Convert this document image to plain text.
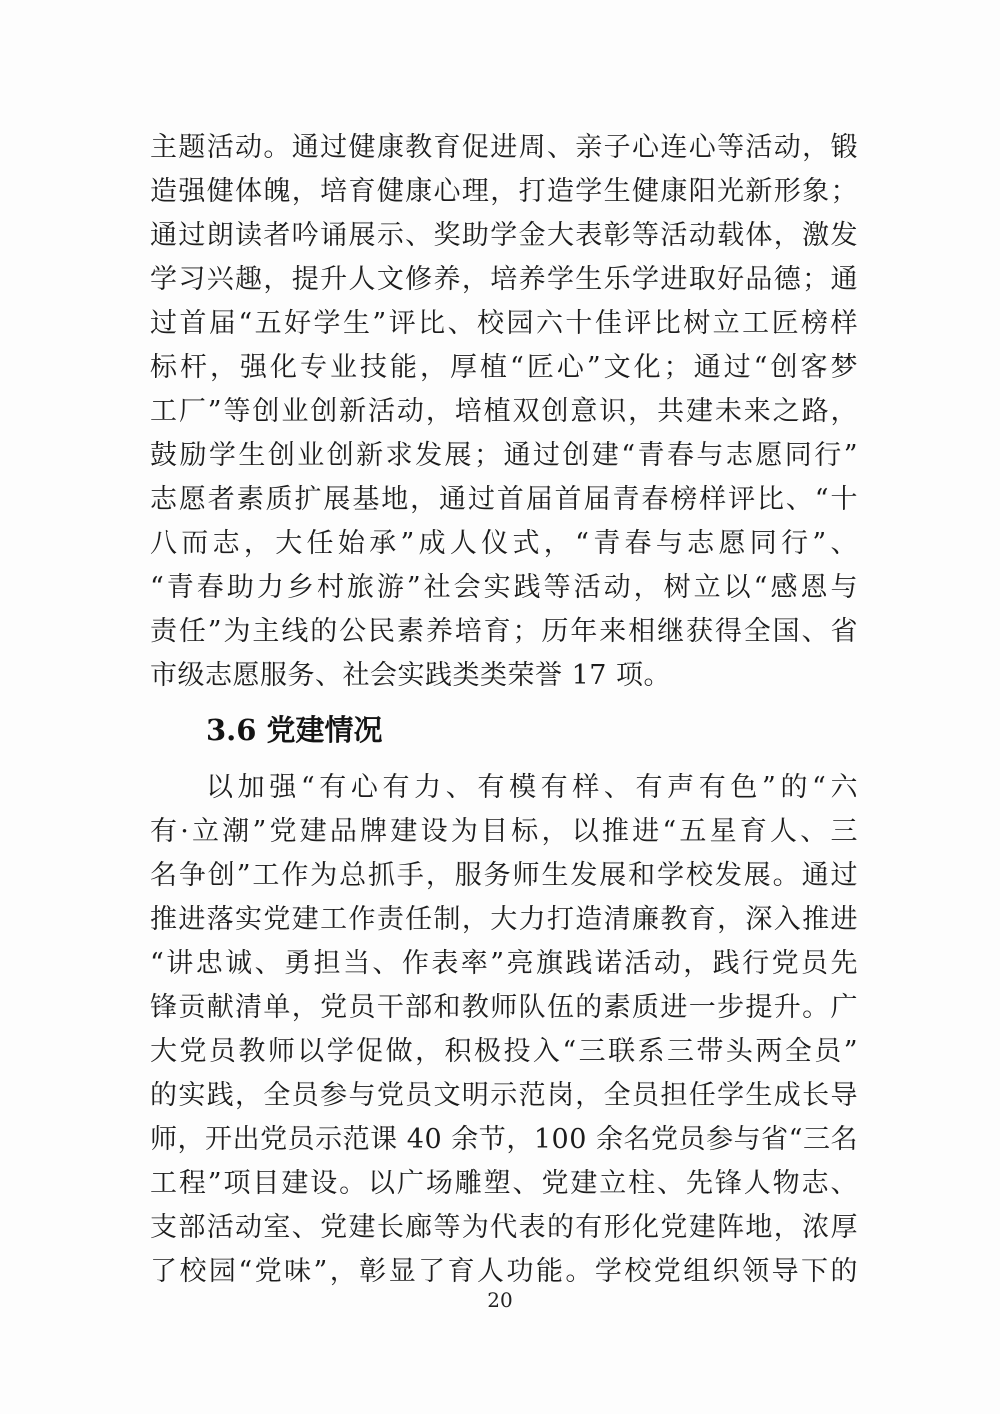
主题活动。通过健康教育促进周、亲子心连心等活动，锻
造强健体魄，培育健康心理，打造学生健康阳光新形象；
通过朗读者吟诵展示、奖助学金大表彰等活动载体，激发
学习兴趣，提升人文修养，培养学生乐学进取好品德；通
过首届“五好学生”评比、校园六十佳评比树立工匠榜样
标杆，强化专业技能，厚植“匠心”文化；通过“创客梦
工厂”等创业创新活动，培植双创意识，共建未来之路，
鼓励学生创业创新求发展；通过创建“青春与志愿同行”
志愿者素质扩展基地，通过首届首届青春榜样评比、“十
八而志，大任始承”成人仪式，“青春与志愿同行”、
“青春助力乡村旅游”社会实践等活动，树立以“感恩与
责任”为主线的公民素养培育；历年来相继获得全国、省
市级志愿服务、社会实践类类荣誉 17 项。
3.6 党建情况
以加强“有心有力、有模有样、有声有色”的“六
有·立潮”党建品牌建设为目标，以推进“五星育人、三
名争创”工作为总抓手，服务师生发展和学校发展。通过
推进落实党建工作责任制，大力打造清廉教育，深入推进
“讲忠诚、勇担当、作表率”亮旗践诺活动，践行党员先
锋贡献清单，党员干部和教师队伍的素质进一步提升。广
大党员教师以学促做，积极投入“三联系三带头两全员”
的实践，全员参与党员文明示范岗，全员担任学生成长导
师，开出党员示范课 40 余节，100 余名党员参与省“三名
工程”项目建设。以广场雕塑、党建立柱、先锋人物志、
支部活动室、党建长廊等为代表的有形化党建阵地，浓厚
了校园“党味”，彰显了育人功能。学校党组织领导下的
20
